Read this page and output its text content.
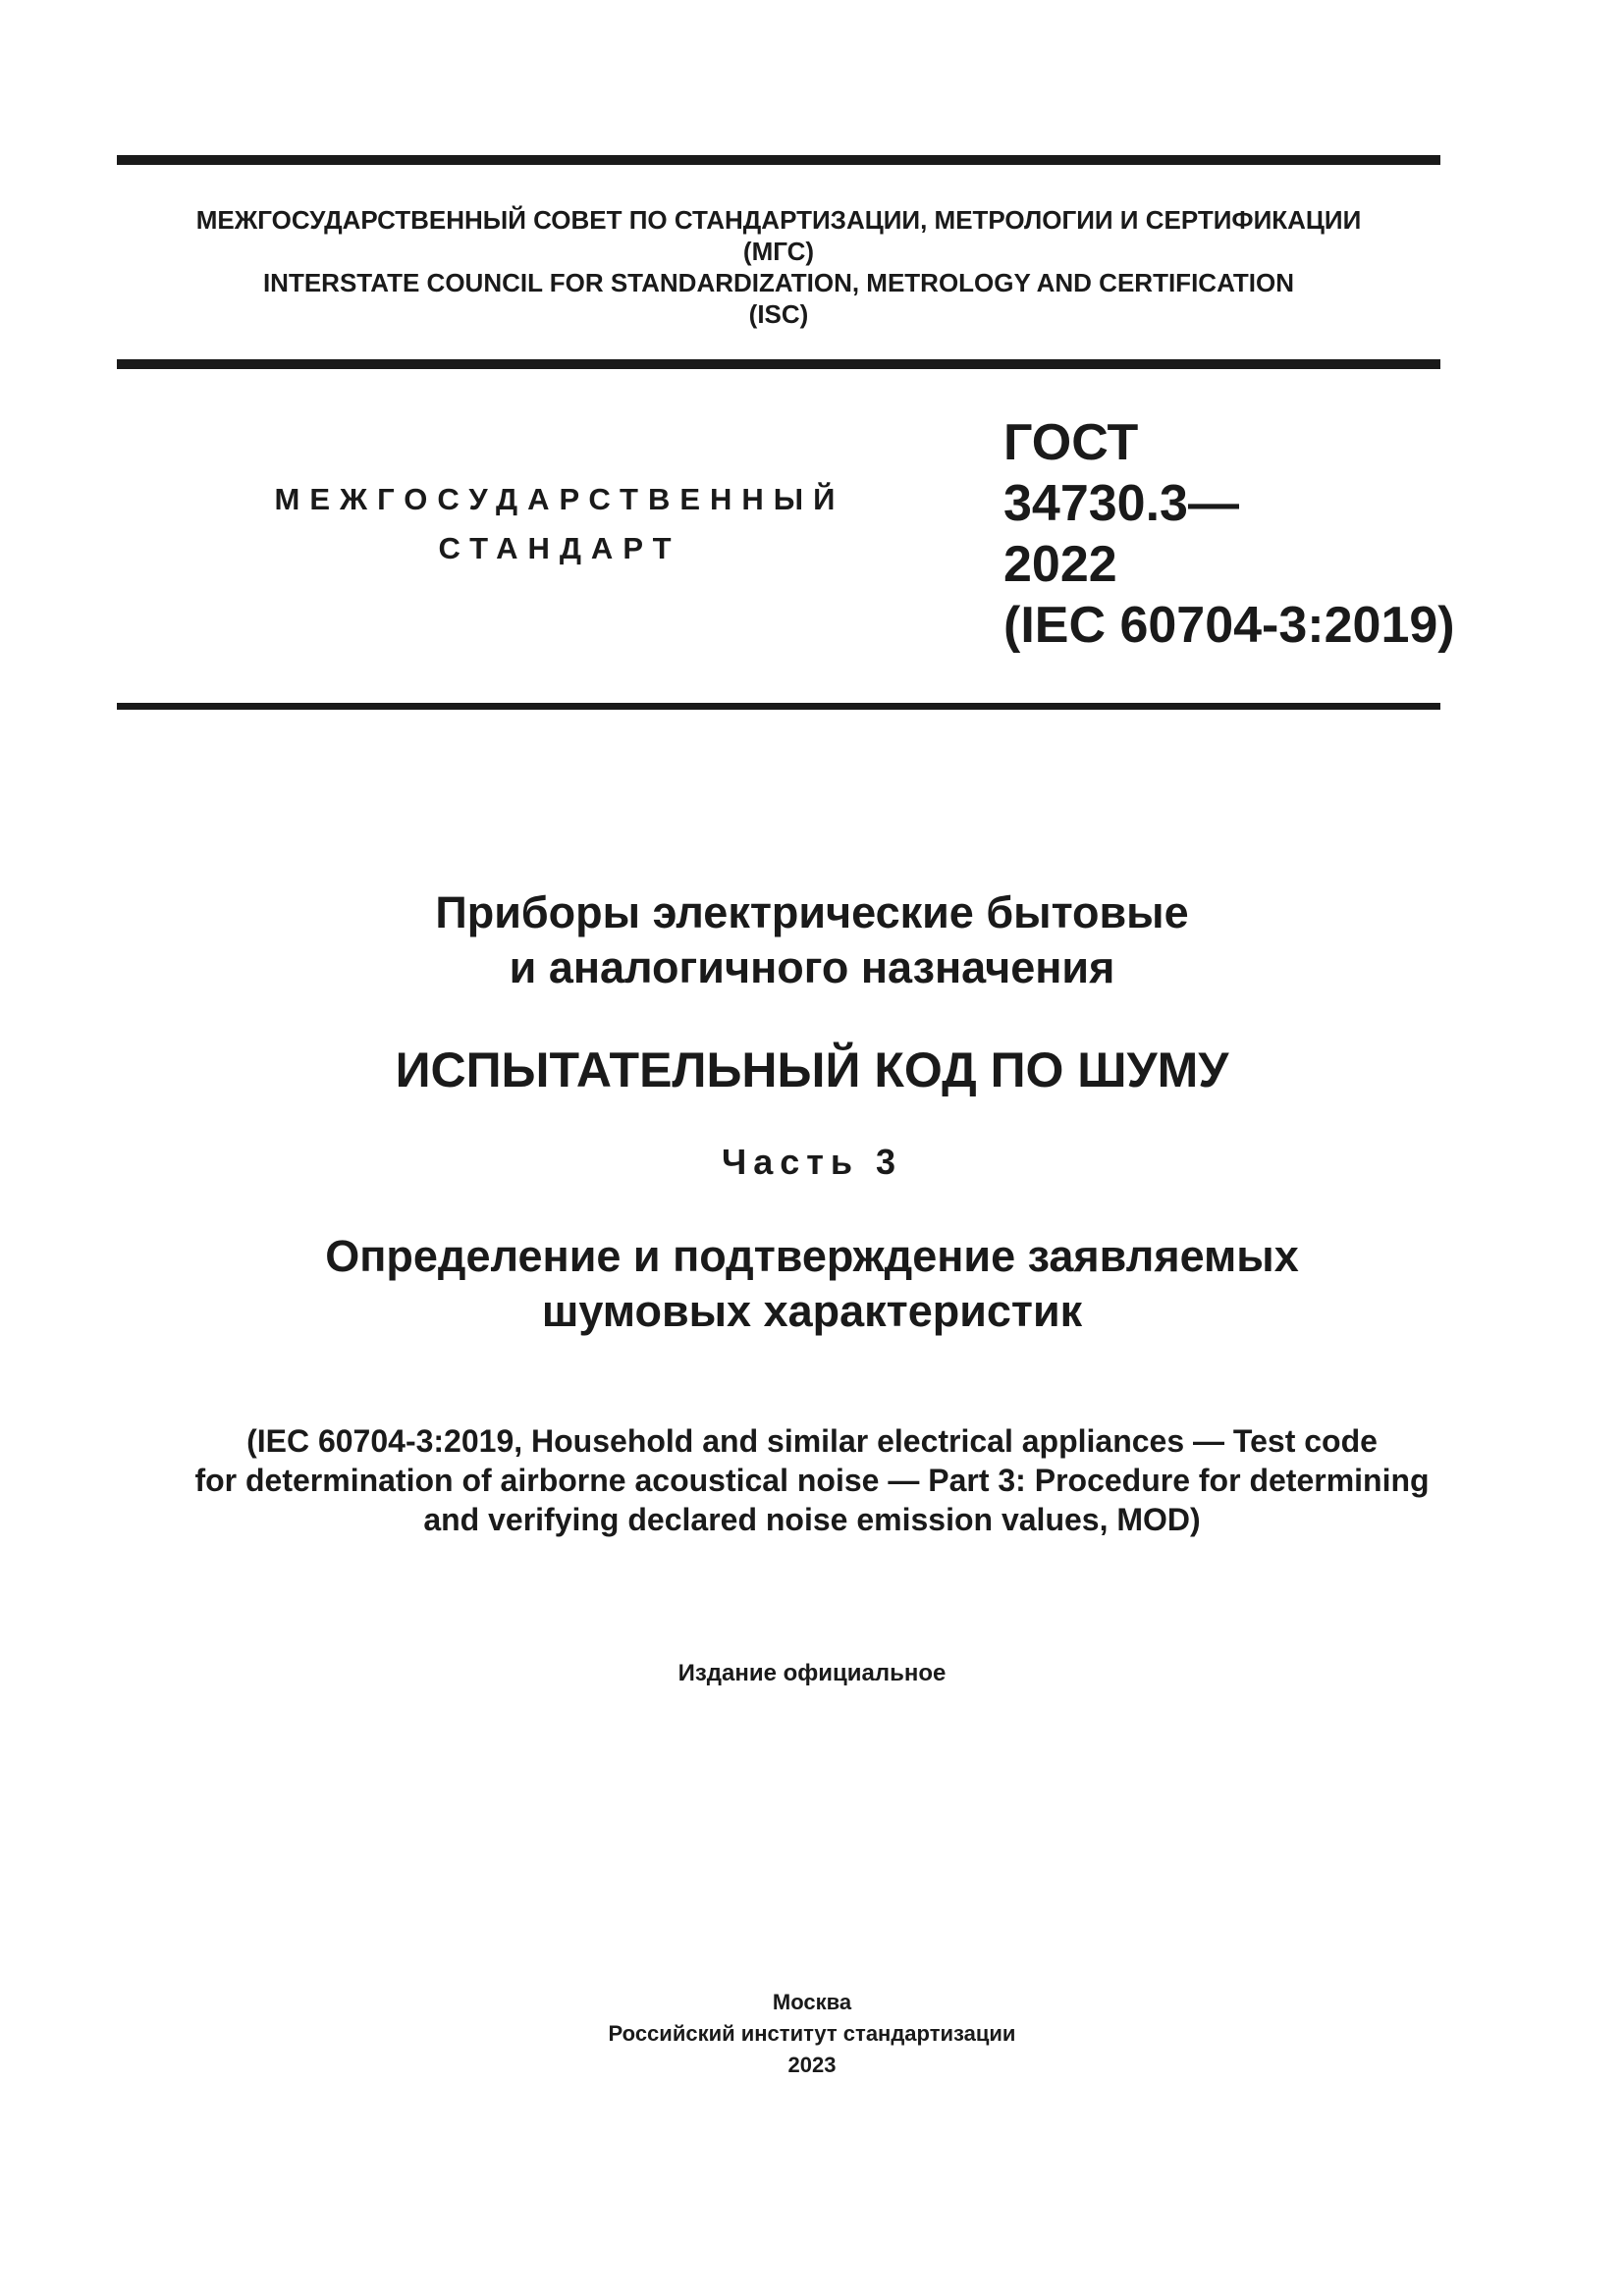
МЕЖГОСУДАРСТВЕННЫЙ СОВЕТ ПО СТАНДАРТИЗАЦИИ, МЕТРОЛОГИИ И СЕРТИФИКАЦИИ
(МГС)
INTERSTATE COUNCIL FOR STANDARDIZATION, METROLOGY AND CERTIFICATION
(ISC)
МЕЖГОСУДАРСТВЕННЫЙ
СТАНДАРТ
ГОСТ
34730.3—
2022
(IEC 60704-3:2019)
Приборы электрические бытовые
и аналогичного назначения
ИСПЫТАТЕЛЬНЫЙ КОД ПО ШУМУ
Часть 3
Определение и подтверждение заявляемых
шумовых характеристик
(IEC 60704-3:2019, Household and similar electrical appliances — Test code
for determination of airborne acoustical noise — Part 3: Procedure for determining
and verifying declared noise emission values, MOD)
Издание официальное
Москва
Российский институт стандартизации
2023
